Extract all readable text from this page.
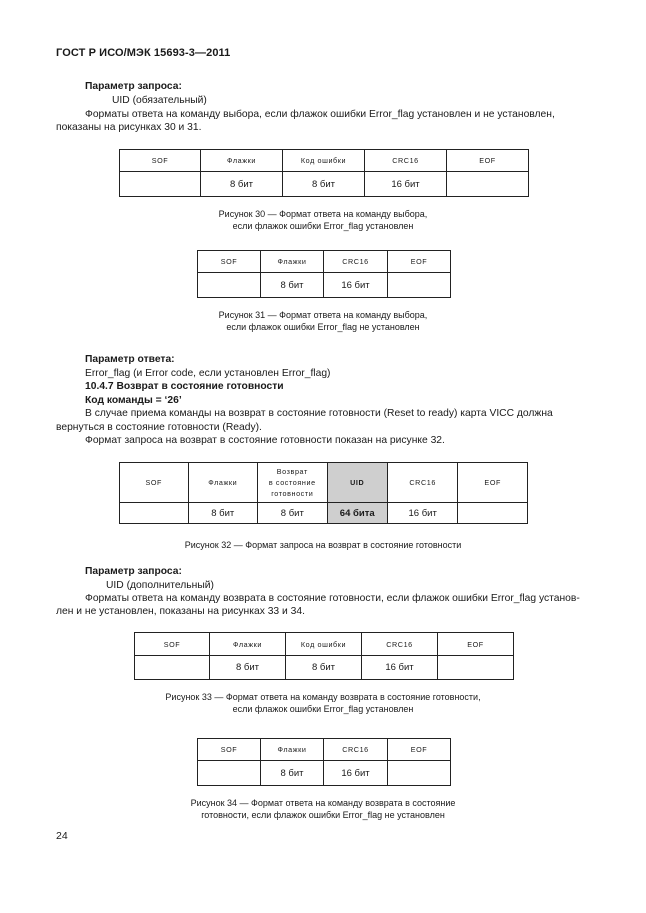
ГОСТ Р ИСО/МЭК 15693-3—2011
Параметр запроса:
UID (обязательный)
Форматы ответа на команду выбора, если флажок ошибки Error_flag установлен и не установлен,
показаны на рисунках 30 и 31.
SOF	Флажки	Код ошибки	CRC16	EOF
	8 бит	8 бит	16 бит	
Рисунок 30 — Формат ответа на команду выбора,
если флажок ошибки Error_flag установлен
SOF	Флажки	CRC16	EOF
	8 бит	16 бит	
Рисунок 31 — Формат ответа на команду выбора,
если флажок ошибки Error_flag не установлен
Параметр ответа:
Error_flag (и Error code, если установлен Error_flag)
10.4.7 Возврат в состояние готовности
Код команды = ‘26’
В случае приема команды на возврат в состояние готовности (Reset to ready) карта VICC должна
вернуться в состояние готовности (Ready).
Формат запроса на возврат в состояние готовности показан на рисунке 32.
SOF	Флажки	Возврат
в состояние
готовности	UID	CRC16	EOF
	8 бит	8 бит	64 бита	16 бит	
Рисунок 32 — Формат запроса на возврат в состояние готовности
Параметр запроса:
UID (дополнительный)
Форматы ответа на команду возврата в состояние готовности, если флажок ошибки Error_flag установ-
лен и не установлен, показаны на рисунках 33 и 34.
SOF	Флажки	Код ошибки	CRC16	EOF
	8 бит	8 бит	16 бит	
Рисунок 33 — Формат ответа на команду возврата в состояние готовности,
если флажок ошибки Error_flag установлен
SOF	Флажки	CRC16	EOF
	8 бит	16 бит	
Рисунок 34 — Формат ответа на команду возврата в состояние
готовности, если флажок ошибки Error_flag не установлен
24
